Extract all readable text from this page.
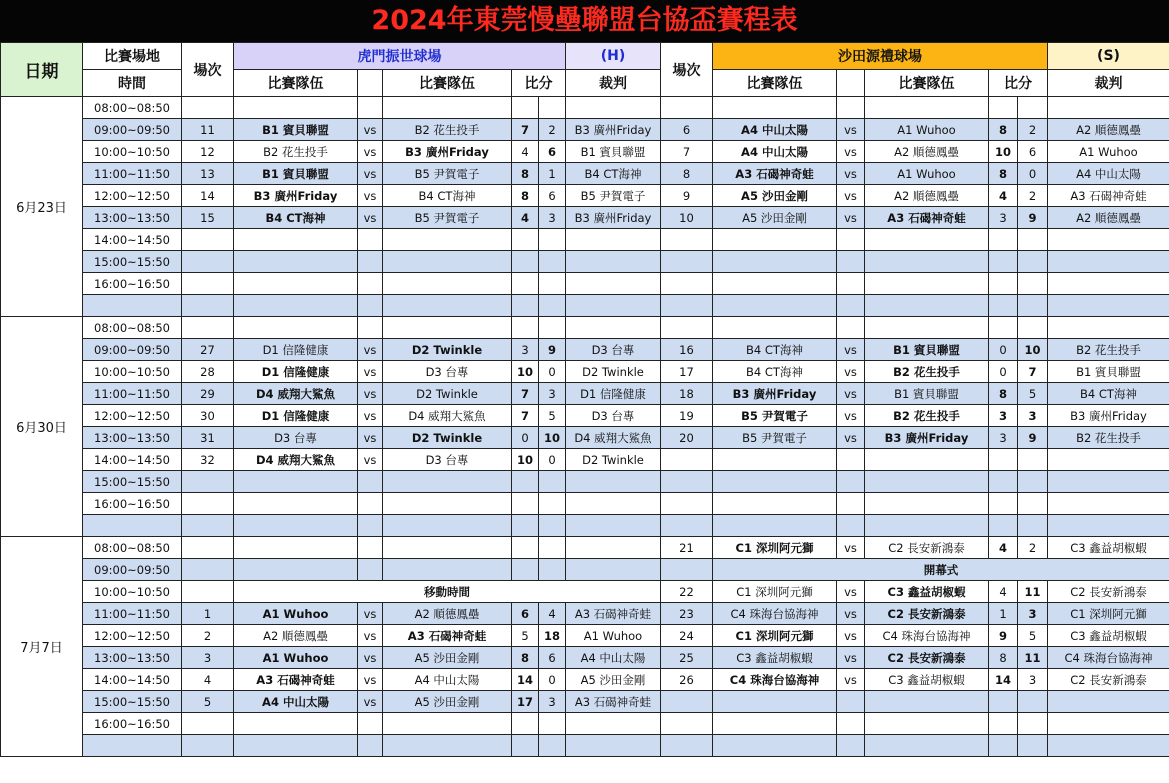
2024年東莞慢壘聯盟台協盃賽程表
日期	比賽場地	場次	虎門振世球場					(H)	場次	沙田源禮球場					(S)
	時間		比賽隊伍		比賽隊伍	比分		裁判		比賽隊伍		比賽隊伍	比分		裁判
6月23日	08:00~08:50														
	09:00~09:50	11	B1 賓貝聯盟	vs	B2 花生投手	7	2	B3 廣州Friday	6	A4 中山太陽	vs	A1 Wuhoo	8	2	A2 順德鳳壘
	10:00~10:50	12	B2 花生投手	vs	B3 廣州Friday	4	6	B1 賓貝聯盟	7	A4 中山太陽	vs	A2 順德鳳壘	10	6	A1 Wuhoo
	11:00~11:50	13	B1 賓貝聯盟	vs	B5 尹賀電子	8	1	B4 CT海神	8	A3 石碣神奇蛙	vs	A1 Wuhoo	8	0	A4 中山太陽
	12:00~12:50	14	B3 廣州Friday	vs	B4 CT海神	8	6	B5 尹賀電子	9	A5 沙田金剛	vs	A2 順德鳳壘	4	2	A3 石碣神奇蛙
	13:00~13:50	15	B4 CT海神	vs	B5 尹賀電子	4	3	B3 廣州Friday	10	A5 沙田金剛	vs	A3 石碣神奇蛙	3	9	A2 順德鳳壘
	14:00~14:50														
	15:00~15:50														
	16:00~16:50														

6月30日	08:00~08:50														
	09:00~09:50	27	D1 信隆健康	vs	D2 Twinkle	3	9	D3 台專	16	B4 CT海神	vs	B1 賓貝聯盟	0	10	B2 花生投手
	10:00~10:50	28	D1 信隆健康	vs	D3 台專	10	0	D2 Twinkle	17	B4 CT海神	vs	B2 花生投手	0	7	B1 賓貝聯盟
	11:00~11:50	29	D4 威翔大鯊魚	vs	D2 Twinkle	7	3	D1 信隆健康	18	B3 廣州Friday	vs	B1 賓貝聯盟	8	5	B4 CT海神
	12:00~12:50	30	D1 信隆健康	vs	D4 威翔大鯊魚	7	5	D3 台專	19	B5 尹賀電子	vs	B2 花生投手	3	3	B3 廣州Friday
	13:00~13:50	31	D3 台專	vs	D2 Twinkle	0	10	D4 威翔大鯊魚	20	B5 尹賀電子	vs	B3 廣州Friday	3	9	B2 花生投手
	14:00~14:50	32	D4 威翔大鯊魚	vs	D3 台專	10	0	D2 Twinkle							
	15:00~15:50														
	16:00~16:50														

7月7日	08:00~08:50								21	C1 深圳阿元獅	vs	C2 長安新鴻泰	4	2	C3 鑫益胡椒蝦
	09:00~09:50									開幕式					
	10:00~10:50		移動時間						22	C1 深圳阿元獅	vs	C3 鑫益胡椒蝦	4	11	C2 長安新鴻泰
	11:00~11:50	1	A1 Wuhoo	vs	A2 順德鳳壘	6	4	A3 石碣神奇蛙	23	C4 珠海台協海神	vs	C2 長安新鴻泰	1	3	C1 深圳阿元獅
	12:00~12:50	2	A2 順德鳳壘	vs	A3 石碣神奇蛙	5	18	A1 Wuhoo	24	C1 深圳阿元獅	vs	C4 珠海台協海神	9	5	C3 鑫益胡椒蝦
	13:00~13:50	3	A1 Wuhoo	vs	A5 沙田金剛	8	6	A4 中山太陽	25	C3 鑫益胡椒蝦	vs	C2 長安新鴻泰	8	11	C4 珠海台協海神
	14:00~14:50	4	A3 石碣神奇蛙	vs	A4 中山太陽	14	0	A5 沙田金剛	26	C4 珠海台協海神	vs	C3 鑫益胡椒蝦	14	3	C2 長安新鴻泰
	15:00~15:50	5	A4 中山太陽	vs	A5 沙田金剛	17	3	A3 石碣神奇蛙							
	16:00~16:50														
